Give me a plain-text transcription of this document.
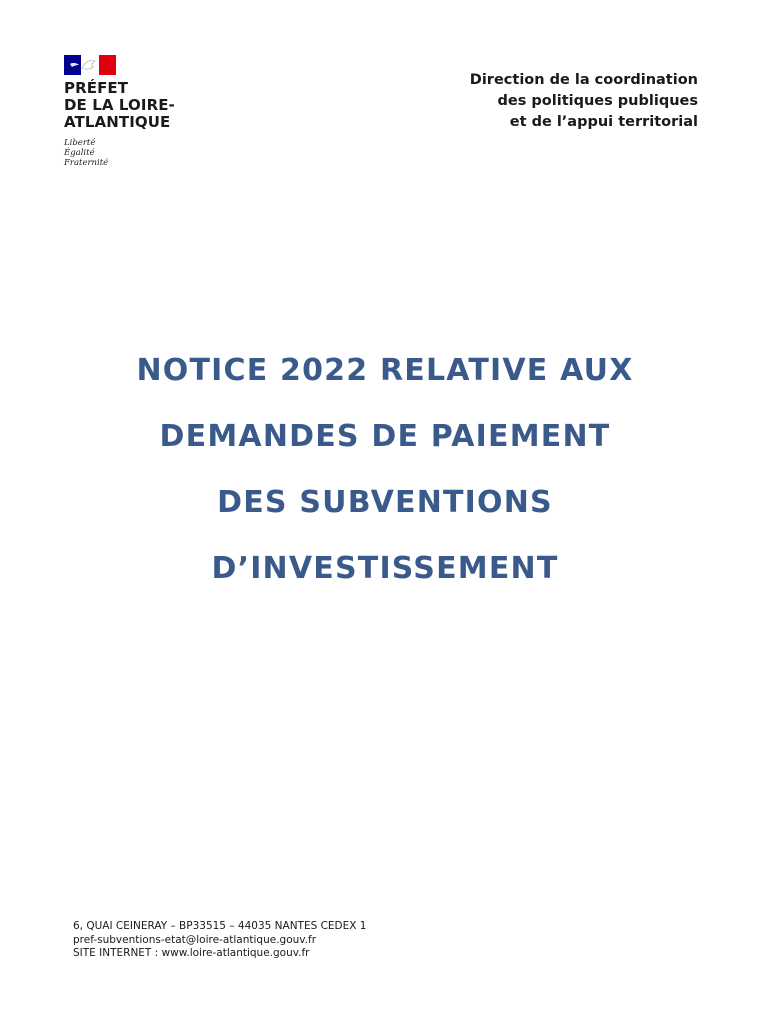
PRÉFET
DE LA LOIRE-
ATLANTIQUE
Liberté
Égalité
Fraternité
Direction de la coordination
des politiques publiques
et de l’appui territorial
NOTICE 2022 RELATIVE AUX
DEMANDES DE PAIEMENT
DES SUBVENTIONS
D’INVESTISSEMENT
6, QUAI CEINERAY – BP33515 – 44035 NANTES CEDEX 1
pref-subventions-etat@loire-atlantique.gouv.fr
SITE INTERNET : www.loire-atlantique.gouv.fr
